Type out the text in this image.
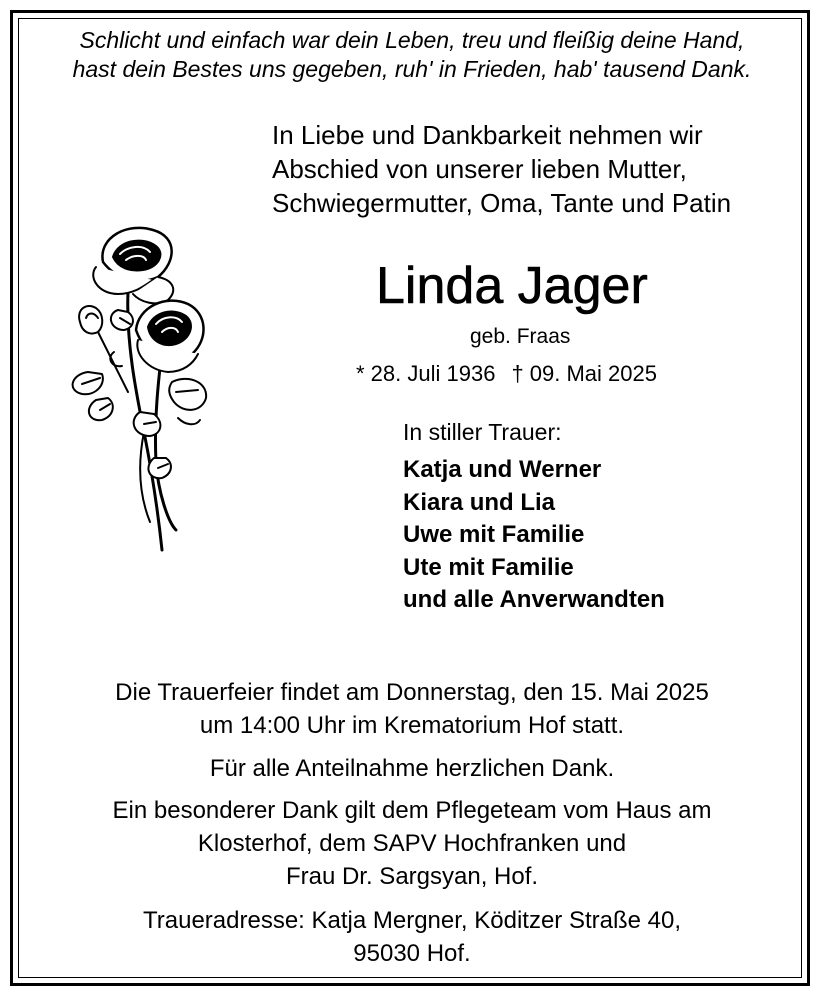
Schlicht und einfach war dein Leben, treu und fleißig deine Hand,
hast dein Bestes uns gegeben, ruh' in Frieden, hab' tausend Dank.
In Liebe und Dankbarkeit nehmen wir
Abschied von unserer lieben Mutter,
Schwiegermutter, Oma, Tante und Patin
Linda Jager
geb. Fraas
* 28. Juli 1936 † 09. Mai 2025
In stiller Trauer:
Katja und Werner
Kiara und Lia
Uwe mit Familie
Ute mit Familie
und alle Anverwandten
Die Trauerfeier findet am Donnerstag, den 15. Mai 2025
um 14:00 Uhr im Krematorium Hof statt.
Für alle Anteilnahme herzlichen Dank.
Ein besonderer Dank gilt dem Pflegeteam vom Haus am
Klosterhof, dem SAPV Hochfranken und
Frau Dr. Sargsyan, Hof.
Traueradresse: Katja Mergner, Köditzer Straße 40,
95030 Hof.
